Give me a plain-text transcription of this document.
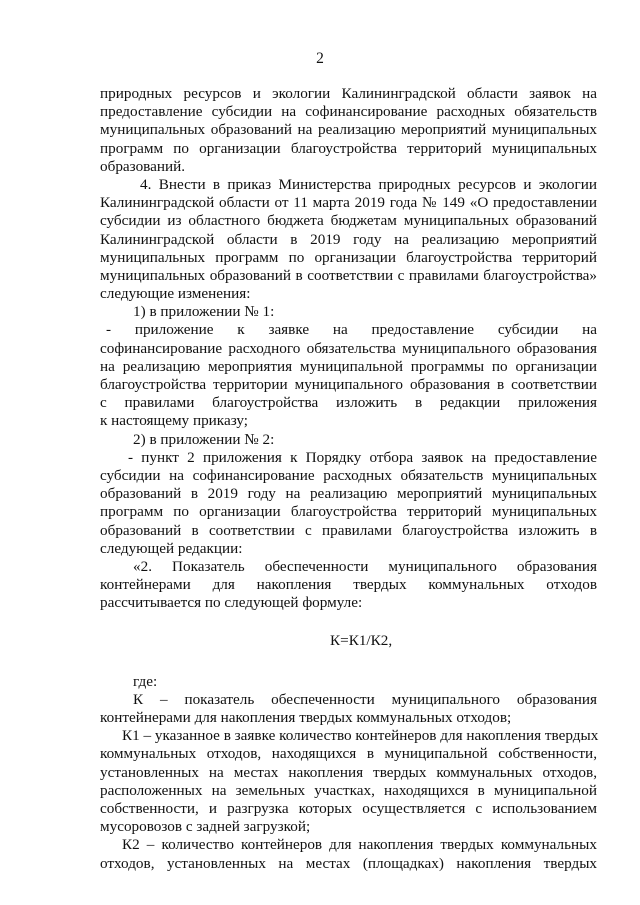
2
природных ресурсов и экологии Калининградской области заявок на
предоставление субсидии на софинансирование расходных обязательств
муниципальных образований на реализацию мероприятий муниципальных
программ по организации благоустройства территорий муниципальных
образований.
4. Внести в приказ Министерства природных ресурсов и экологии
Калининградской области от 11 марта 2019 года № 149 «О предоставлении
субсидии из областного бюджета бюджетам муниципальных образований
Калининградской области в 2019 году на реализацию мероприятий
муниципальных программ по организации благоустройства территорий
муниципальных образований в соответствии с правилами благоустройства»
следующие изменения:
1) в приложении № 1:
- приложение к заявке на предоставление субсидии на
софинансирование расходного обязательства муниципального образования
на реализацию мероприятия муниципальной программы по организации
благоустройства территории муниципального образования в соответствии
с правилами благоустройства изложить в редакции приложения
к настоящему приказу;
2) в приложении № 2:
- пункт 2 приложения к Порядку отбора заявок на предоставление
субсидии на софинансирование расходных обязательств муниципальных
образований в 2019 году на реализацию мероприятий муниципальных
программ по организации благоустройства территорий муниципальных
образований в соответствии с правилами благоустройства изложить в
следующей редакции:
«2. Показатель обеспеченности муниципального образования
контейнерами для накопления твердых коммунальных отходов
рассчитывается по следующей формуле:
К=К1/К2,
где:
К – показатель обеспеченности муниципального образования
контейнерами для накопления твердых коммунальных отходов;
К1 – указанное в заявке количество контейнеров для накопления твердых
коммунальных отходов, находящихся в муниципальной собственности,
установленных на местах накопления твердых коммунальных отходов,
расположенных на земельных участках, находящихся в муниципальной
собственности, и разгрузка которых осуществляется с использованием
мусоровозов с задней загрузкой;
К2 – количество контейнеров для накопления твердых коммунальных
отходов, установленных на местах (площадках) накопления твердых
